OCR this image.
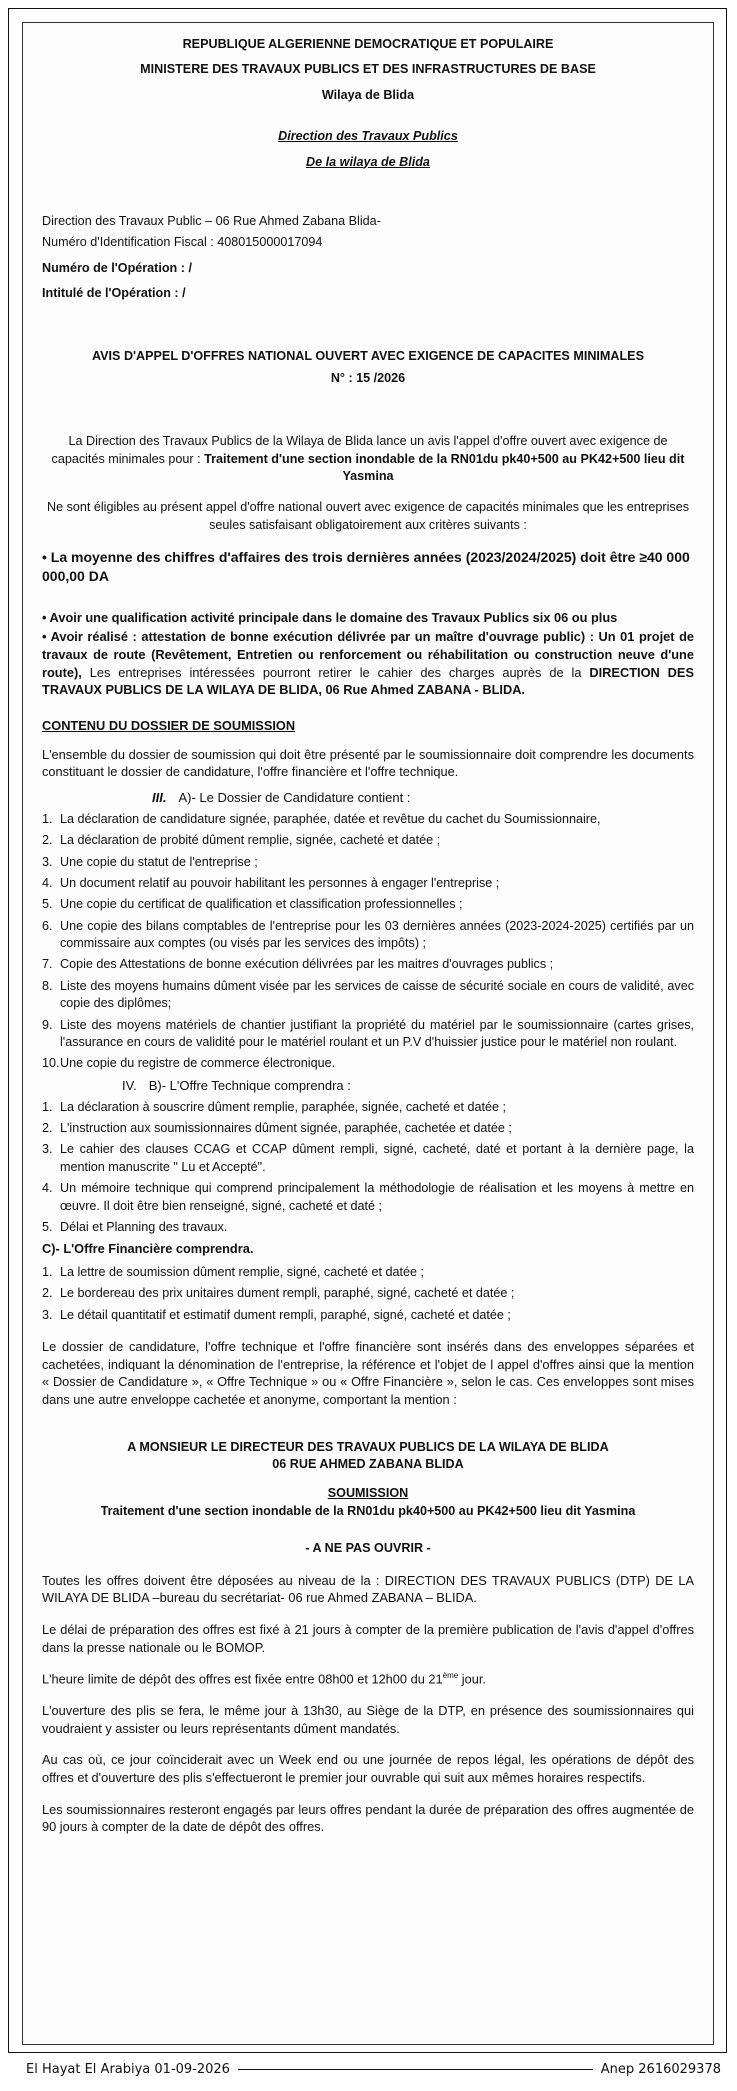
REPUBLIQUE ALGERIENNE DEMOCRATIQUE ET POPULAIRE

MINISTERE DES TRAVAUX PUBLICS ET DES INFRASTRUCTURES DE BASE

Wilaya de Blida

Direction des Travaux Publics

De la wilaya de Blida

Direction des Travaux Public – 06 Rue Ahmed Zabana Blida-

Numéro d'Identification Fiscal : 408015000017094

Numéro de l'Opération : /

Intitulé de l'Opération : /

AVIS D'APPEL D'OFFRES NATIONAL OUVERT AVEC EXIGENCE DE CAPACITES MINIMALES

N° : 15 /2026

La Direction des Travaux Publics de la Wilaya de Blida lance un avis l'appel d'offre ouvert avec exigence de capacités minimales pour : Traitement d'une section inondable de la RN01du pk40+500 au PK42+500 lieu dit Yasmina

Ne sont éligibles au présent appel d'offre national ouvert avec exigence de capacités minimales que les entreprises seules satisfaisant obligatoirement aux critères suivants :

• La moyenne des chiffres d'affaires des trois dernières années (2023/2024/2025) doit être ≥40 000 000,00 DA

• Avoir une qualification activité principale dans le domaine des Travaux Publics six 06 ou plus

• Avoir réalisé : attestation de bonne exécution délivrée par un maître d'ouvrage public) : Un 01 projet de travaux de route (Revêtement, Entretien ou renforcement ou réhabilitation ou construction neuve d'une route), Les entreprises intéressées pourront retirer le cahier des charges auprès de la DIRECTION DES TRAVAUX PUBLICS DE LA WILAYA DE BLIDA, 06 Rue Ahmed ZABANA - BLIDA.

CONTENU DU DOSSIER DE SOUMISSION

L'ensemble du dossier de soumission qui doit être présenté par le soumissionnaire doit comprendre les documents constituant le dossier de candidature, l'offre financière et l'offre technique.

III. A)- Le Dossier de Candidature contient :
1. La déclaration de candidature signée, paraphée, datée et revêtue du cachet du Soumissionnaire,
2. La déclaration de probité dûment remplie, signée, cacheté et datée ;
3. Une copie du statut de l'entreprise ;
4. Un document relatif au pouvoir habilitant les personnes à engager l'entreprise ;
5. Une copie du certificat de qualification et classification professionnelles ;
6. Une copie des bilans comptables de l'entreprise pour les 03 dernières années (2023-2024-2025) certifiés par un commissaire aux comptes (ou visés par les services des impôts) ;
7. Copie des Attestations de bonne exécution délivrées par les maitres d'ouvrages publics ;
8. Liste des moyens humains dûment visée par les services de caisse de sécurité sociale en cours de validité, avec copie des diplômes;
9. Liste des moyens matériels de chantier justifiant la propriété du matériel par le soumissionnaire (cartes grises, l'assurance en cours de validité pour le matériel roulant et un P.V d'huissier justice pour le matériel non roulant.
10. Une copie du registre de commerce électronique.
IV. B)- L'Offre Technique comprendra :
1. La déclaration à souscrire dûment remplie, paraphée, signée, cacheté et datée ;
2. L'instruction aux soumissionnaires dûment signée, paraphée, cachetée et datée ;
3. Le cahier des clauses CCAG et CCAP dûment rempli, signé, cacheté, daté et portant à la dernière page, la mention manuscrite " Lu et Accepté".
4. Un mémoire technique qui comprend principalement la méthodologie de réalisation et les moyens à mettre en œuvre. Il doit être bien renseigné, signé, cacheté et daté ;
5. Délai et Planning des travaux.

C)- L'Offre Financière comprendra.

1. La lettre de soumission dûment remplie, signé, cacheté et datée ;
2. Le bordereau des prix unitaires dument rempli, paraphé, signé, cacheté et datée ;
3. Le détail quantitatif et estimatif dument rempli, paraphé, signé, cacheté et datée ;

Le dossier de candidature, l'offre technique et l'offre financière sont insérés dans des enveloppes séparées et cachetées, indiquant la dénomination de l'entreprise, la référence et l'objet de l appel d'offres ainsi que la mention « Dossier de Candidature », « Offre Technique » ou « Offre Financière », selon le cas. Ces enveloppes sont mises dans une autre enveloppe cachetée et anonyme, comportant la mention :

A MONSIEUR LE DIRECTEUR DES TRAVAUX PUBLICS DE LA WILAYA DE BLIDA

06 RUE AHMED ZABANA BLIDA

SOUMISSION

Traitement d'une section inondable de la RN01du pk40+500 au PK42+500 lieu dit Yasmina

- A NE PAS OUVRIR -

Toutes les offres doivent être déposées au niveau de la : DIRECTION DES TRAVAUX PUBLICS (DTP) DE LA WILAYA DE BLIDA –bureau du secrétariat- 06 rue Ahmed ZABANA – BLIDA.

Le délai de préparation des offres est fixé à 21 jours à compter de la première publication de l'avis d'appel d'offres dans la presse nationale ou le BOMOP.

L'heure limite de dépôt des offres est fixée entre 08h00 et 12h00 du 21ème jour.

L'ouverture des plis se fera, le même jour à 13h30, au Siège de la DTP, en présence des soumissionnaires qui voudraient y assister ou leurs représentants dûment mandatés.

Au cas où, ce jour coïnciderait avec un Week end ou une journée de repos légal, les opérations de dépôt des offres et d'ouverture des plis s'effectueront le premier jour ouvrable qui suit aux mêmes horaires respectifs.

Les soumissionnaires resteront engagés par leurs offres pendant la durée de préparation des offres augmentée de 90 jours à compter de la date de dépôt des offres.

El Hayat El Arabiya 01-09-2026	Anep 2616029378
